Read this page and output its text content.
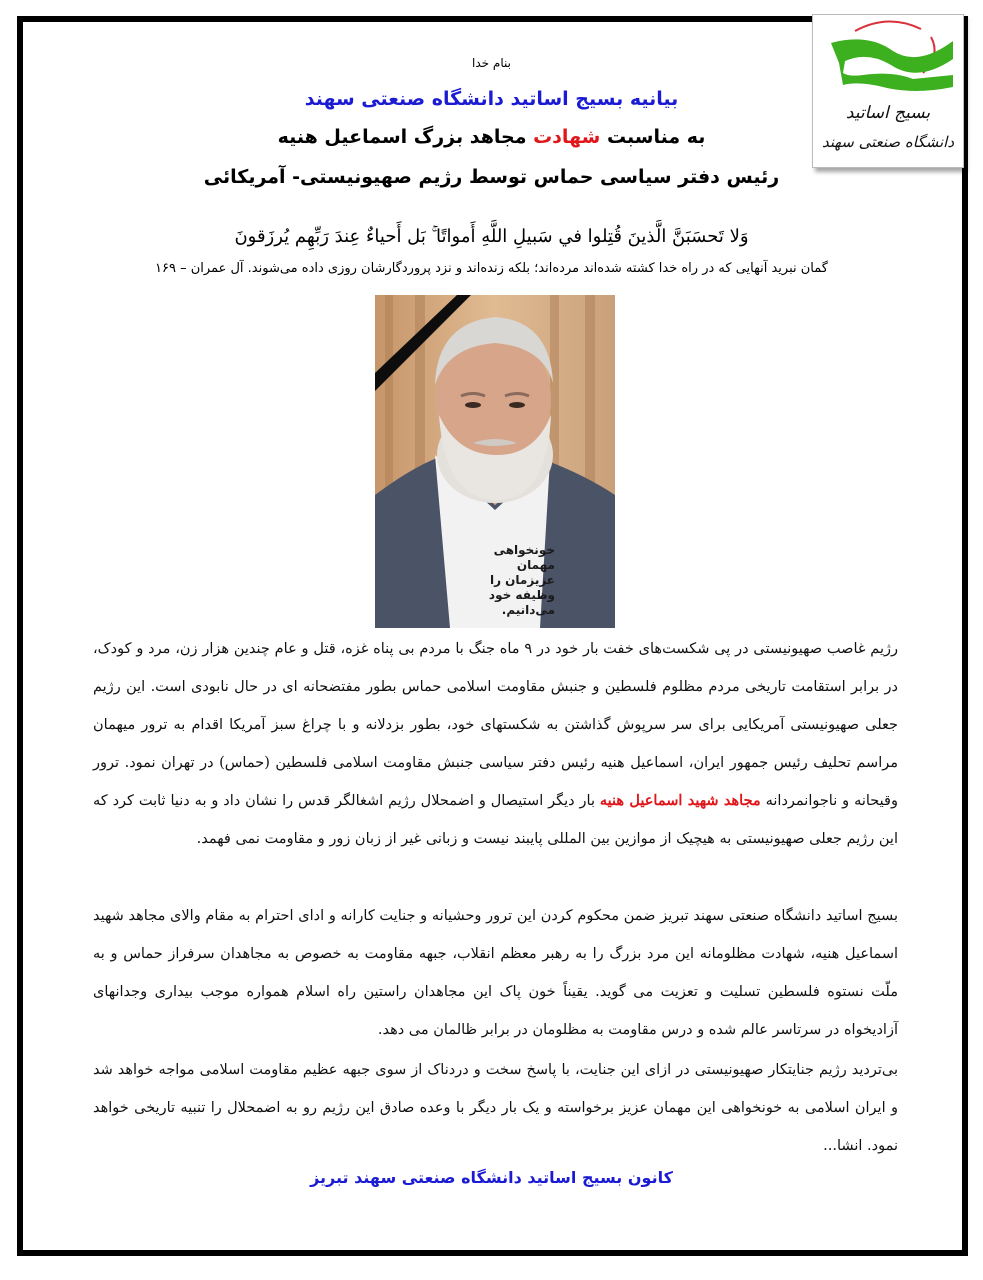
بسیج اساتید
دانشگاه صنعتی سهند
بنام خدا
بیانیه بسیج اساتید دانشگاه صنعتی سهند
به مناسبت شهادت مجاهد بزرگ اسماعیل هنیه
رئیس دفتر سیاسی حماس توسط رژیم صهیونیستی- آمریکائی
وَلا تَحسَبَنَّ الَّذينَ قُتِلوا في سَبيلِ اللَّهِ أَمواتًا ۚ بَل أَحياءٌ عِندَ رَبِّهِم يُرزَقونَ
گمان نبرید آنهایی که در راه خدا کشته شده‌اند مرده‌اند؛ بلکه زنده‌اند و نزد پروردگارشان روزی داده می‌شوند. آل عمران – ۱۶۹
خونخواهی مهمان عزیزمان را وظیفه خود می‌دانیم.
رژیم غاصب صهیونیستی در پی شکست‌های خفت بار خود در ۹ ماه جنگ با مردم بی پناه غزه، قتل و عام چندین هزار زن، مرد و کودک، در برابر استقامت تاریخی مردم مظلوم فلسطین و جنبش مقاومت اسلامی حماس بطور مفتضحانه ای در حال نابودی است. این رژیم جعلی صهیونیستی آمریکایی برای سر سرپوش گذاشتن به شکستهای خود، بطور بزدلانه و با چراغ سبز آمریکا اقدام به ترور میهمان مراسم تحلیف رئیس جمهور ایران، اسماعیل هنیه رئیس دفتر سیاسی جنبش مقاومت اسلامی فلسطین (حماس) در تهران نمود. ترور وقیحانه و ناجوانمردانه مجاهد شهید اسماعیل هنیه بار دیگر استیصال و اضمحلال رژیم اشغالگر قدس را نشان داد و به دنیا ثابت کرد که این رژیم جعلی صهیونیستی به هیچیک از موازین بین المللی پایبند نیست و زبانی غیر از زبان زور و مقاومت نمی فهمد.
بسیج اساتید دانشگاه صنعتی سهند تبریز ضمن محکوم کردن این ترور وحشیانه و جنایت کارانه و ادای احترام به مقام والای مجاهد شهید اسماعیل هنیه، شهادت مظلومانه این مرد بزرگ را به رهبر معظم انقلاب، جبهه مقاومت به خصوص به مجاهدان سرفراز حماس و به ملّت نستوه فلسطین تسلیت و تعزیت می گوید. یقیناً خون پاک این مجاهدان راستین راه اسلام همواره موجب بیداری وجدانهای آزادیخواه در سرتاسر عالم شده و درس مقاومت به مظلومان در برابر ظالمان می دهد.
بی‌تردید رژیم جنایتکار صهیونیستی در ازای این جنایت، با پاسخ سخت و دردناک از سوی جبهه عظیم مقاومت اسلامی مواجه خواهد شد و ایران اسلامی به خونخواهی این مهمان عزیز برخواسته و یک بار دیگر با وعده صادق این رژیم رو به اضمحلال را تنبیه تاریخی خواهد نمود. انشا...
کانون بسیج اساتید دانشگاه صنعتی سهند تبریز
